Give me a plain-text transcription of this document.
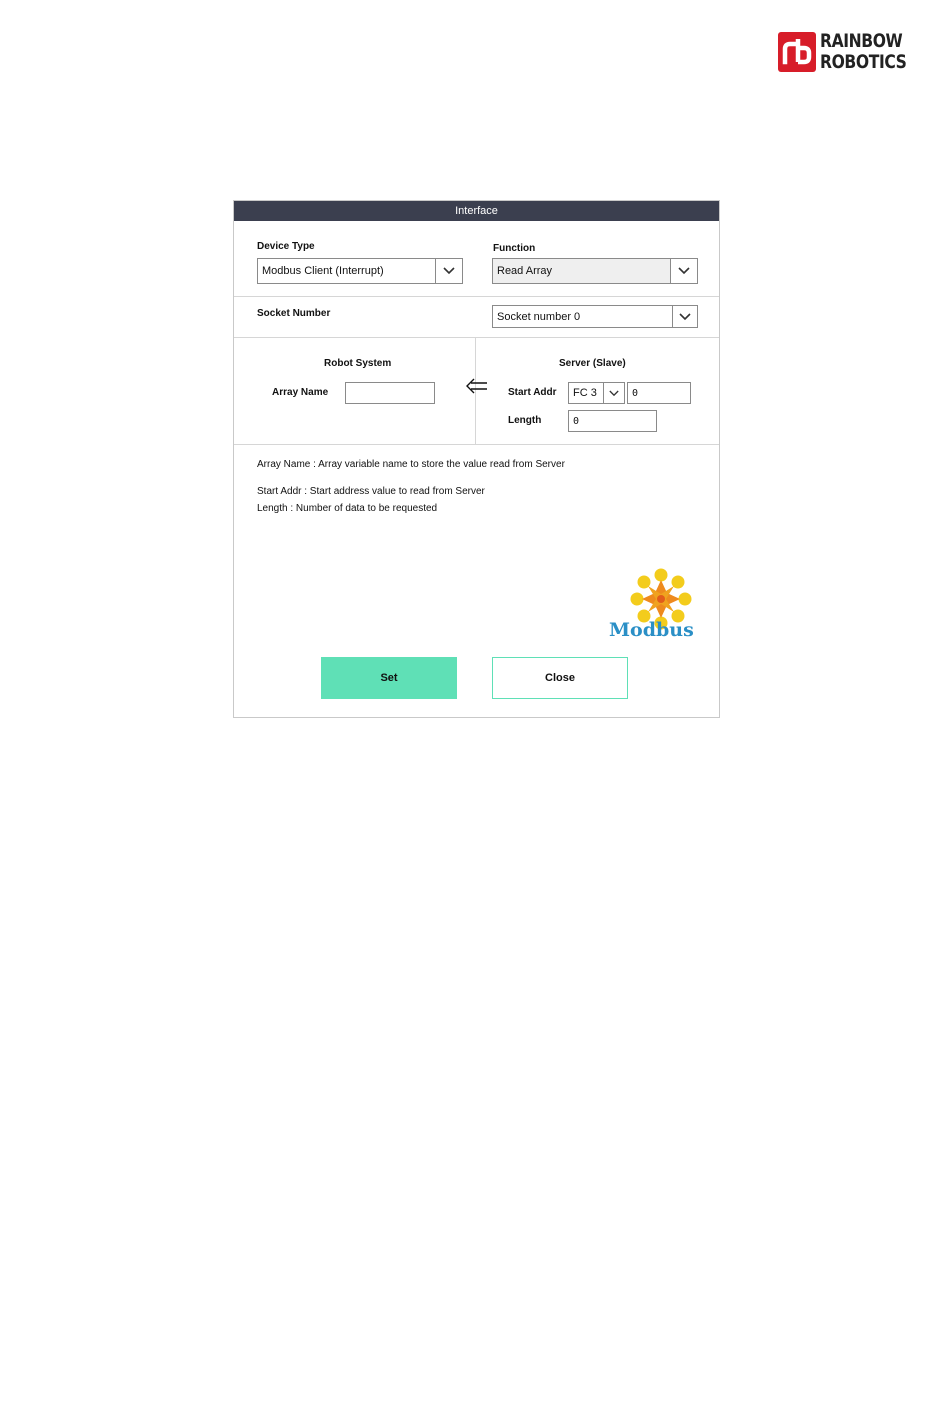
RAINBOW
ROBOTICS
Interface
Device Type
Modbus Client (Interrupt)
Function
Read Array
Socket Number	Socket number 0
Robot System
Array Name
Server (Slave)
Start Addr FC 3	0
Length	0
Array Name : Array variable name to store the value read from Server
Start Addr : Start address value to read from Server
Length : Number of data to be requested
Modbus
Set	Close
